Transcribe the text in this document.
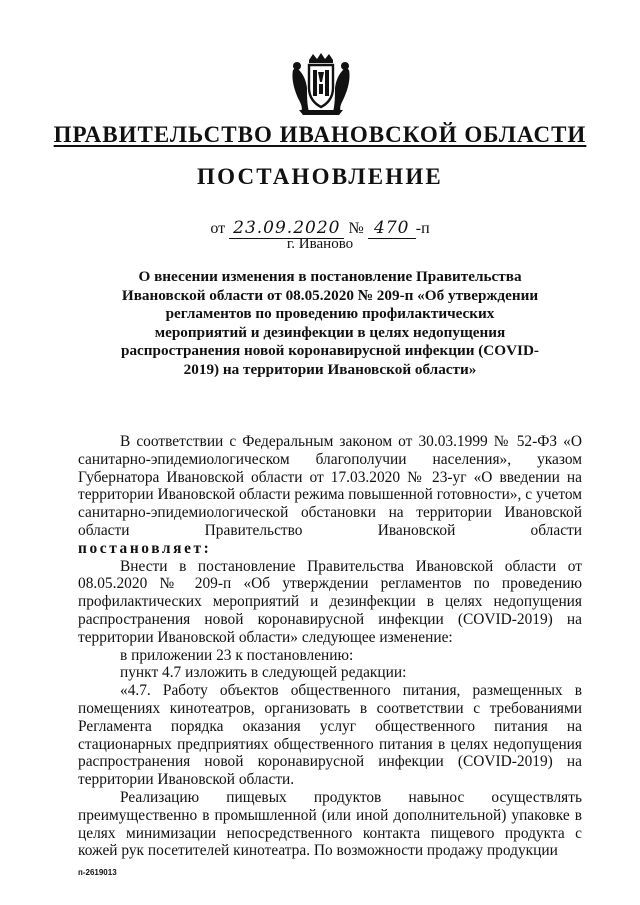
ПРАВИТЕЛЬСТВО ИВАНОВСКОЙ ОБЛАСТИ
ПОСТАНОВЛЕНИЕ
от 23.09.2020 № 470 -п
г. Иваново

О внесении изменения в постановление Правительства Ивановской области от 08.05.2020 № 209-п «Об утверждении регламентов по проведению профилактических мероприятий и дезинфекции в целях недопущения распространения новой коронавирусной инфекции (COVID-2019) на территории Ивановской области»

В соответствии с Федеральным законом от 30.03.1999 № 52-ФЗ «О санитарно-эпидемиологическом благополучии населения», указом Губернатора Ивановской области от 17.03.2020 № 23-уг «О введении на территории Ивановской области режима повышенной готовности», с учетом санитарно-эпидемиологической обстановки на территории Ивановской области Правительство Ивановской области

постановляет:

Внести в постановление Правительства Ивановской области от 08.05.2020 № 209-п «Об утверждении регламентов по проведению профилактических мероприятий и дезинфекции в целях недопущения распространения новой коронавирусной инфекции (COVID-2019) на территории Ивановской области» следующее изменение:

в приложении 23 к постановлению:

пункт 4.7 изложить в следующей редакции:

«4.7. Работу объектов общественного питания, размещенных в помещениях кинотеатров, организовать в соответствии с требованиями Регламента порядка оказания услуг общественного питания на стационарных предприятиях общественного питания в целях недопущения распространения новой коронавирусной инфекции (COVID-2019) на территории Ивановской области.

Реализацию пищевых продуктов навынос осуществлять преимущественно в промышленной (или иной дополнительной) упаковке в целях минимизации непосредственного контакта пищевого продукта с кожей рук посетителей кинотеатра. По возможности продажу продукции

п-2619013
